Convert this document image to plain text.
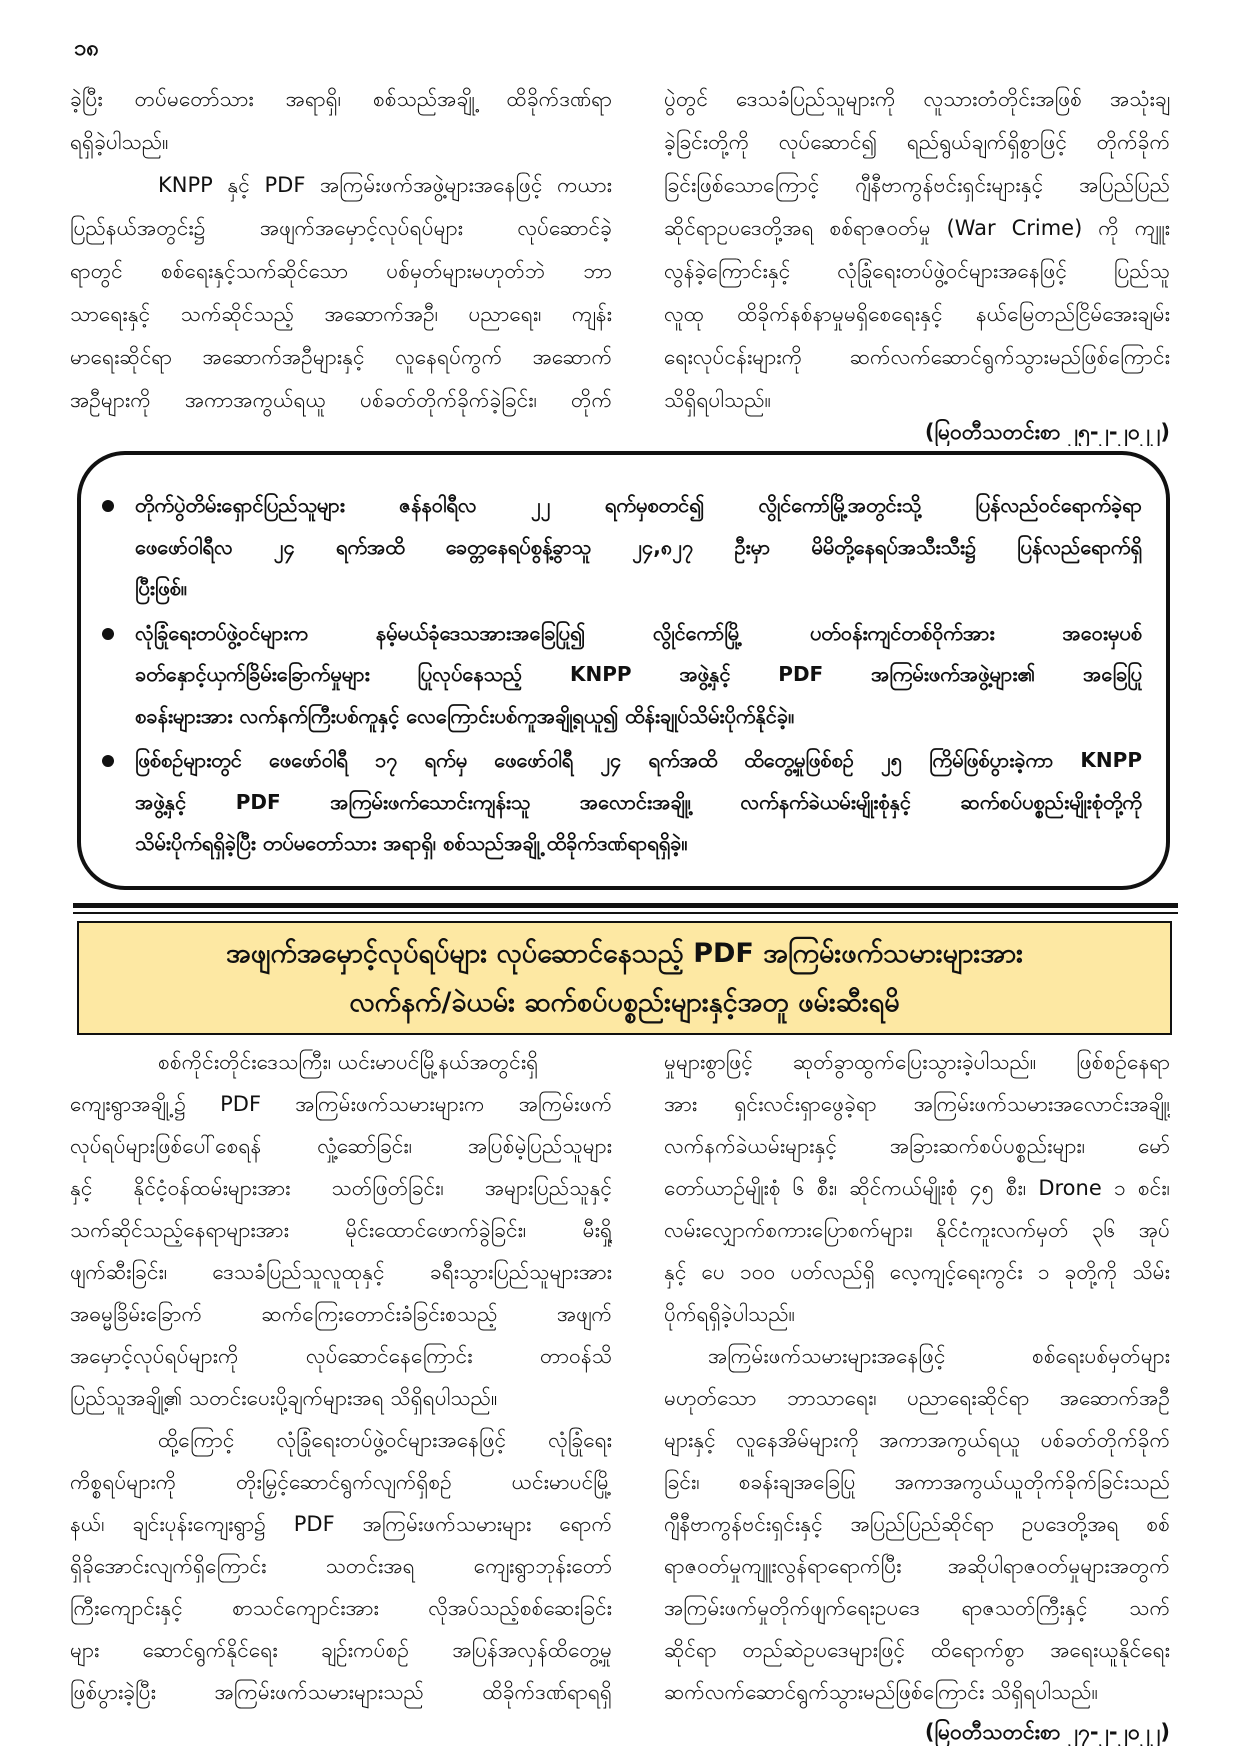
၁၈
ခဲ့ပြီး တပ်မတော်သား အရာရှိ၊ စစ်သည်အချို့ ထိခိုက်ဒဏ်ရာ
ရရှိခဲ့ပါသည်။
KNPP နှင့် PDF အကြမ်းဖက်အဖွဲ့များအနေဖြင့် ကယား
ပြည်နယ်အတွင်း၌ အဖျက်အမှောင့်လုပ်ရပ်များ လုပ်ဆောင်ခဲ့
ရာတွင် စစ်ရေးနှင့်သက်ဆိုင်သော ပစ်မှတ်များမဟုတ်ဘဲ ဘာ
သာရေးနှင့် သက်ဆိုင်သည့် အဆောက်အဦ၊ ပညာရေး၊ ကျန်း
မာရေးဆိုင်ရာ အဆောက်အဦများနှင့် လူနေရပ်ကွက် အဆောက်
အဦများကို အကာအကွယ်ရယူ ပစ်ခတ်တိုက်ခိုက်ခဲ့ခြင်း၊ တိုက်
ပွဲတွင် ဒေသခံပြည်သူများကို လူသားတံတိုင်းအဖြစ် အသုံးချ
ခဲ့ခြင်းတို့ကို လုပ်ဆောင်၍ ရည်ရွယ်ချက်ရှိစွာဖြင့် တိုက်ခိုက်
ခြင်းဖြစ်သောကြောင့် ဂျီနီဗာကွန်ဗင်းရှင်းများနှင့် အပြည်ပြည်
ဆိုင်ရာဥပဒေတို့အရ စစ်ရာဇဝတ်မှု (War Crime) ကို ကျူး
လွန်ခဲ့ကြောင်းနှင့် လုံခြုံရေးတပ်ဖွဲ့ဝင်များအနေဖြင့် ပြည်သူ
လူထု ထိခိုက်နစ်နာမှုမရှိစေရေးနှင့် နယ်မြေတည်ငြိမ်အေးချမ်း
ရေးလုပ်ငန်းများကို ဆက်လက်ဆောင်ရွက်သွားမည်ဖြစ်ကြောင်း
သိရှိရပါသည်။
(မြဝတီသတင်းစာ ၂၅-၂-၂၀၂၂)
တိုက်ပွဲတိမ်းရှောင်ပြည်သူများ ဇန်နဝါရီလ ၂၂ ရက်မှစတင်၍ လွိုင်ကော်မြို့အတွင်းသို့ ပြန်လည်ဝင်ရောက်ခဲ့ရာ
ဖေဖော်ဝါရီလ ၂၄ ရက်အထိ ခေတ္တနေရပ်စွန့်ခွာသူ ၂၄,၈၂၇ ဦးမှာ မိမိတို့နေရပ်အသီးသီး၌ ပြန်လည်ရောက်ရှိ
ပြီးဖြစ်။
လုံခြုံရေးတပ်ဖွဲ့ဝင်များက နမ့်မယ်ခုံဒေသအားအခြေပြု၍ လွိုင်ကော်မြို့ ပတ်ဝန်းကျင်တစ်ဝိုက်အား အဝေးမှပစ်
ခတ်နှောင့်ယှက်ခြိမ်းခြောက်မှုများ ပြုလုပ်နေသည့် KNPP အဖွဲ့နှင့် PDF အကြမ်းဖက်အဖွဲ့များ၏ အခြေပြု
စခန်းများအား လက်နက်ကြီးပစ်ကူနှင့် လေကြောင်းပစ်ကူအချို့ရယူ၍ ထိန်းချုပ်သိမ်းပိုက်နိုင်ခဲ့။
ဖြစ်စဉ်များတွင် ဖေဖော်ဝါရီ ၁၇ ရက်မှ ဖေဖော်ဝါရီ ၂၄ ရက်အထိ ထိတွေ့မှုဖြစ်စဉ် ၂၅ ကြိမ်ဖြစ်ပွားခဲ့ကာ KNPP
အဖွဲ့နှင့် PDF အကြမ်းဖက်သောင်းကျန်းသူ အလောင်းအချို့၊ လက်နက်ခဲယမ်းမျိုးစုံနှင့် ဆက်စပ်ပစ္စည်းမျိုးစုံတို့ကို
သိမ်းပိုက်ရရှိခဲ့ပြီး တပ်မတော်သား အရာရှိ၊ စစ်သည်အချို့ ထိခိုက်ဒဏ်ရာရရှိခဲ့။
အဖျက်အမှောင့်လုပ်ရပ်များ လုပ်ဆောင်နေသည့် PDF အကြမ်းဖက်သမားများအား
လက်နက်/ခဲယမ်း ဆက်စပ်ပစ္စည်းများနှင့်အတူ ဖမ်းဆီးရမိ
စစ်ကိုင်းတိုင်းဒေသကြီး၊ ယင်းမာပင်မြို့နယ်အတွင်းရှိ
ကျေးရွာအချို့၌ PDF အကြမ်းဖက်သမားများက အကြမ်းဖက်
လုပ်ရပ်များဖြစ်ပေါ်စေရန် လှုံ့ဆော်ခြင်း၊ အပြစ်မဲ့ပြည်သူများ
နှင့် နိုင်ငံ့ဝန်ထမ်းများအား သတ်ဖြတ်ခြင်း၊ အများပြည်သူနှင့်
သက်ဆိုင်သည့်နေရာများအား မိုင်းထောင်ဖောက်ခွဲခြင်း၊ မီးရှို့
ဖျက်ဆီးခြင်း၊ ဒေသခံပြည်သူလူထုနှင့် ခရီးသွားပြည်သူများအား
အဓမ္မခြိမ်းခြောက် ဆက်ကြေးတောင်းခံခြင်းစသည့် အဖျက်
အမှောင့်လုပ်ရပ်များကို လုပ်ဆောင်နေကြောင်း တာဝန်သိ
ပြည်သူအချို့၏ သတင်းပေးပို့ချက်များအရ သိရှိရပါသည်။
ထို့ကြောင့် လုံခြုံရေးတပ်ဖွဲ့ဝင်များအနေဖြင့် လုံခြုံရေး
ကိစ္စရပ်များကို တိုးမြှင့်ဆောင်ရွက်လျက်ရှိစဉ် ယင်းမာပင်မြို့
နယ်၊ ချင်းပုန်းကျေးရွာ၌ PDF အကြမ်းဖက်သမားများ ရောက်
ရှိခိုအောင်းလျက်ရှိကြောင်း သတင်းအရ ကျေးရွာဘုန်းတော်
ကြီးကျောင်းနှင့် စာသင်ကျောင်းအား လိုအပ်သည့်စစ်ဆေးခြင်း
များ ဆောင်ရွက်နိုင်ရေး ချဉ်းကပ်စဉ် အပြန်အလှန်ထိတွေ့မှု
ဖြစ်ပွားခဲ့ပြီး အကြမ်းဖက်သမားများသည် ထိခိုက်ဒဏ်ရာရရှိ
မှုများစွာဖြင့် ဆုတ်ခွာထွက်ပြေးသွားခဲ့ပါသည်။ ဖြစ်စဉ်နေရာ
အား ရှင်းလင်းရှာဖွေခဲ့ရာ အကြမ်းဖက်သမားအလောင်းအချို့၊
လက်နက်ခဲယမ်းများနှင့် အခြားဆက်စပ်ပစ္စည်းများ၊ မော်
တော်ယာဉ်မျိုးစုံ ၆ စီး၊ ဆိုင်ကယ်မျိုးစုံ ၄၅ စီး၊ Drone ၁ စင်း၊
လမ်းလျှောက်စကားပြောစက်များ၊ နိုင်ငံကူးလက်မှတ် ၃၆ အုပ်
နှင့် ပေ ၁၀၀ ပတ်လည်ရှိ လေ့ကျင့်ရေးကွင်း ၁ ခုတို့ကို သိမ်း
ပိုက်ရရှိခဲ့ပါသည်။
အကြမ်းဖက်သမားများအနေဖြင့် စစ်ရေးပစ်မှတ်များ
မဟုတ်သော ဘာသာရေး၊ ပညာရေးဆိုင်ရာ အဆောက်အဦ
များနှင့် လူနေအိမ်များကို အကာအကွယ်ရယူ ပစ်ခတ်တိုက်ခိုက်
ခြင်း၊ စခန်းချအခြေပြု အကာအကွယ်ယူတိုက်ခိုက်ခြင်းသည်
ဂျီနီဗာကွန်ဗင်းရှင်းနှင့် အပြည်ပြည်ဆိုင်ရာ ဥပဒေတို့အရ စစ်
ရာဇဝတ်မှုကျူးလွန်ရာရောက်ပြီး အဆိုပါရာဇဝတ်မှုများအတွက်
အကြမ်းဖက်မှုတိုက်ဖျက်ရေးဥပဒေ ရာဇသတ်ကြီးနှင့် သက်
ဆိုင်ရာ တည်ဆဲဥပဒေများဖြင့် ထိရောက်စွာ အရေးယူနိုင်ရေး
ဆက်လက်ဆောင်ရွက်သွားမည်ဖြစ်ကြောင်း သိရှိရပါသည်။
(မြဝတီသတင်းစာ ၂၇-၂-၂၀၂၂)
